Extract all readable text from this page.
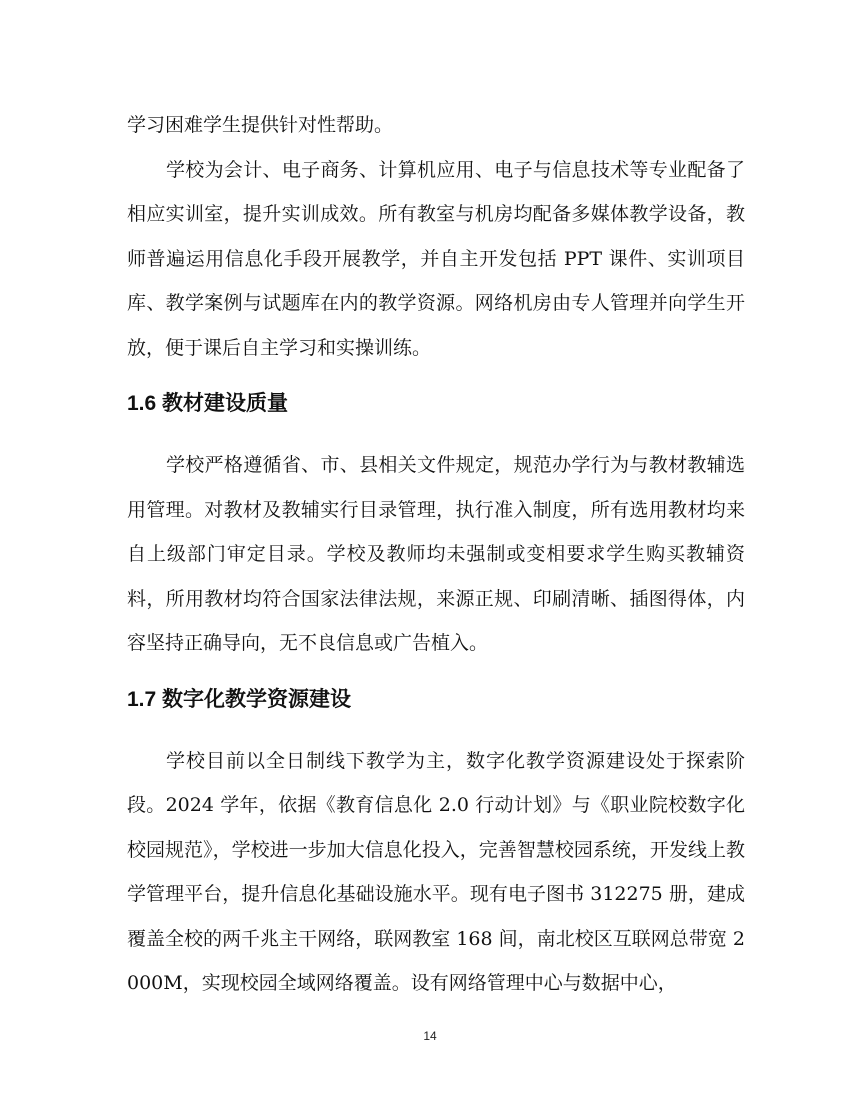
学习困难学生提供针对性帮助。

学校为会计、电子商务、计算机应用、电子与信息技术等专业配备了相应实训室，提升实训成效。所有教室与机房均配备多媒体教学设备，教师普遍运用信息化手段开展教学，并自主开发包括 PPT 课件、实训项目库、教学案例与试题库在内的教学资源。网络机房由专人管理并向学生开放，便于课后自主学习和实操训练。

1.6 教材建设质量

学校严格遵循省、市、县相关文件规定，规范办学行为与教材教辅选用管理。对教材及教辅实行目录管理，执行准入制度，所有选用教材均来自上级部门审定目录。学校及教师均未强制或变相要求学生购买教辅资料，所用教材均符合国家法律法规，来源正规、印刷清晰、插图得体，内容坚持正确导向，无不良信息或广告植入。

1.7 数字化教学资源建设

学校目前以全日制线下教学为主，数字化教学资源建设处于探索阶段。2024 学年，依据《教育信息化 2.0 行动计划》与《职业院校数字化校园规范》，学校进一步加大信息化投入，完善智慧校园系统，开发线上教学管理平台，提升信息化基础设施水平。现有电子图书 312275 册，建成覆盖全校的两千兆主干网络，联网教室 168 间，南北校区互联网总带宽 2000M，实现校园全域网络覆盖。设有网络管理中心与数据中心，

14
